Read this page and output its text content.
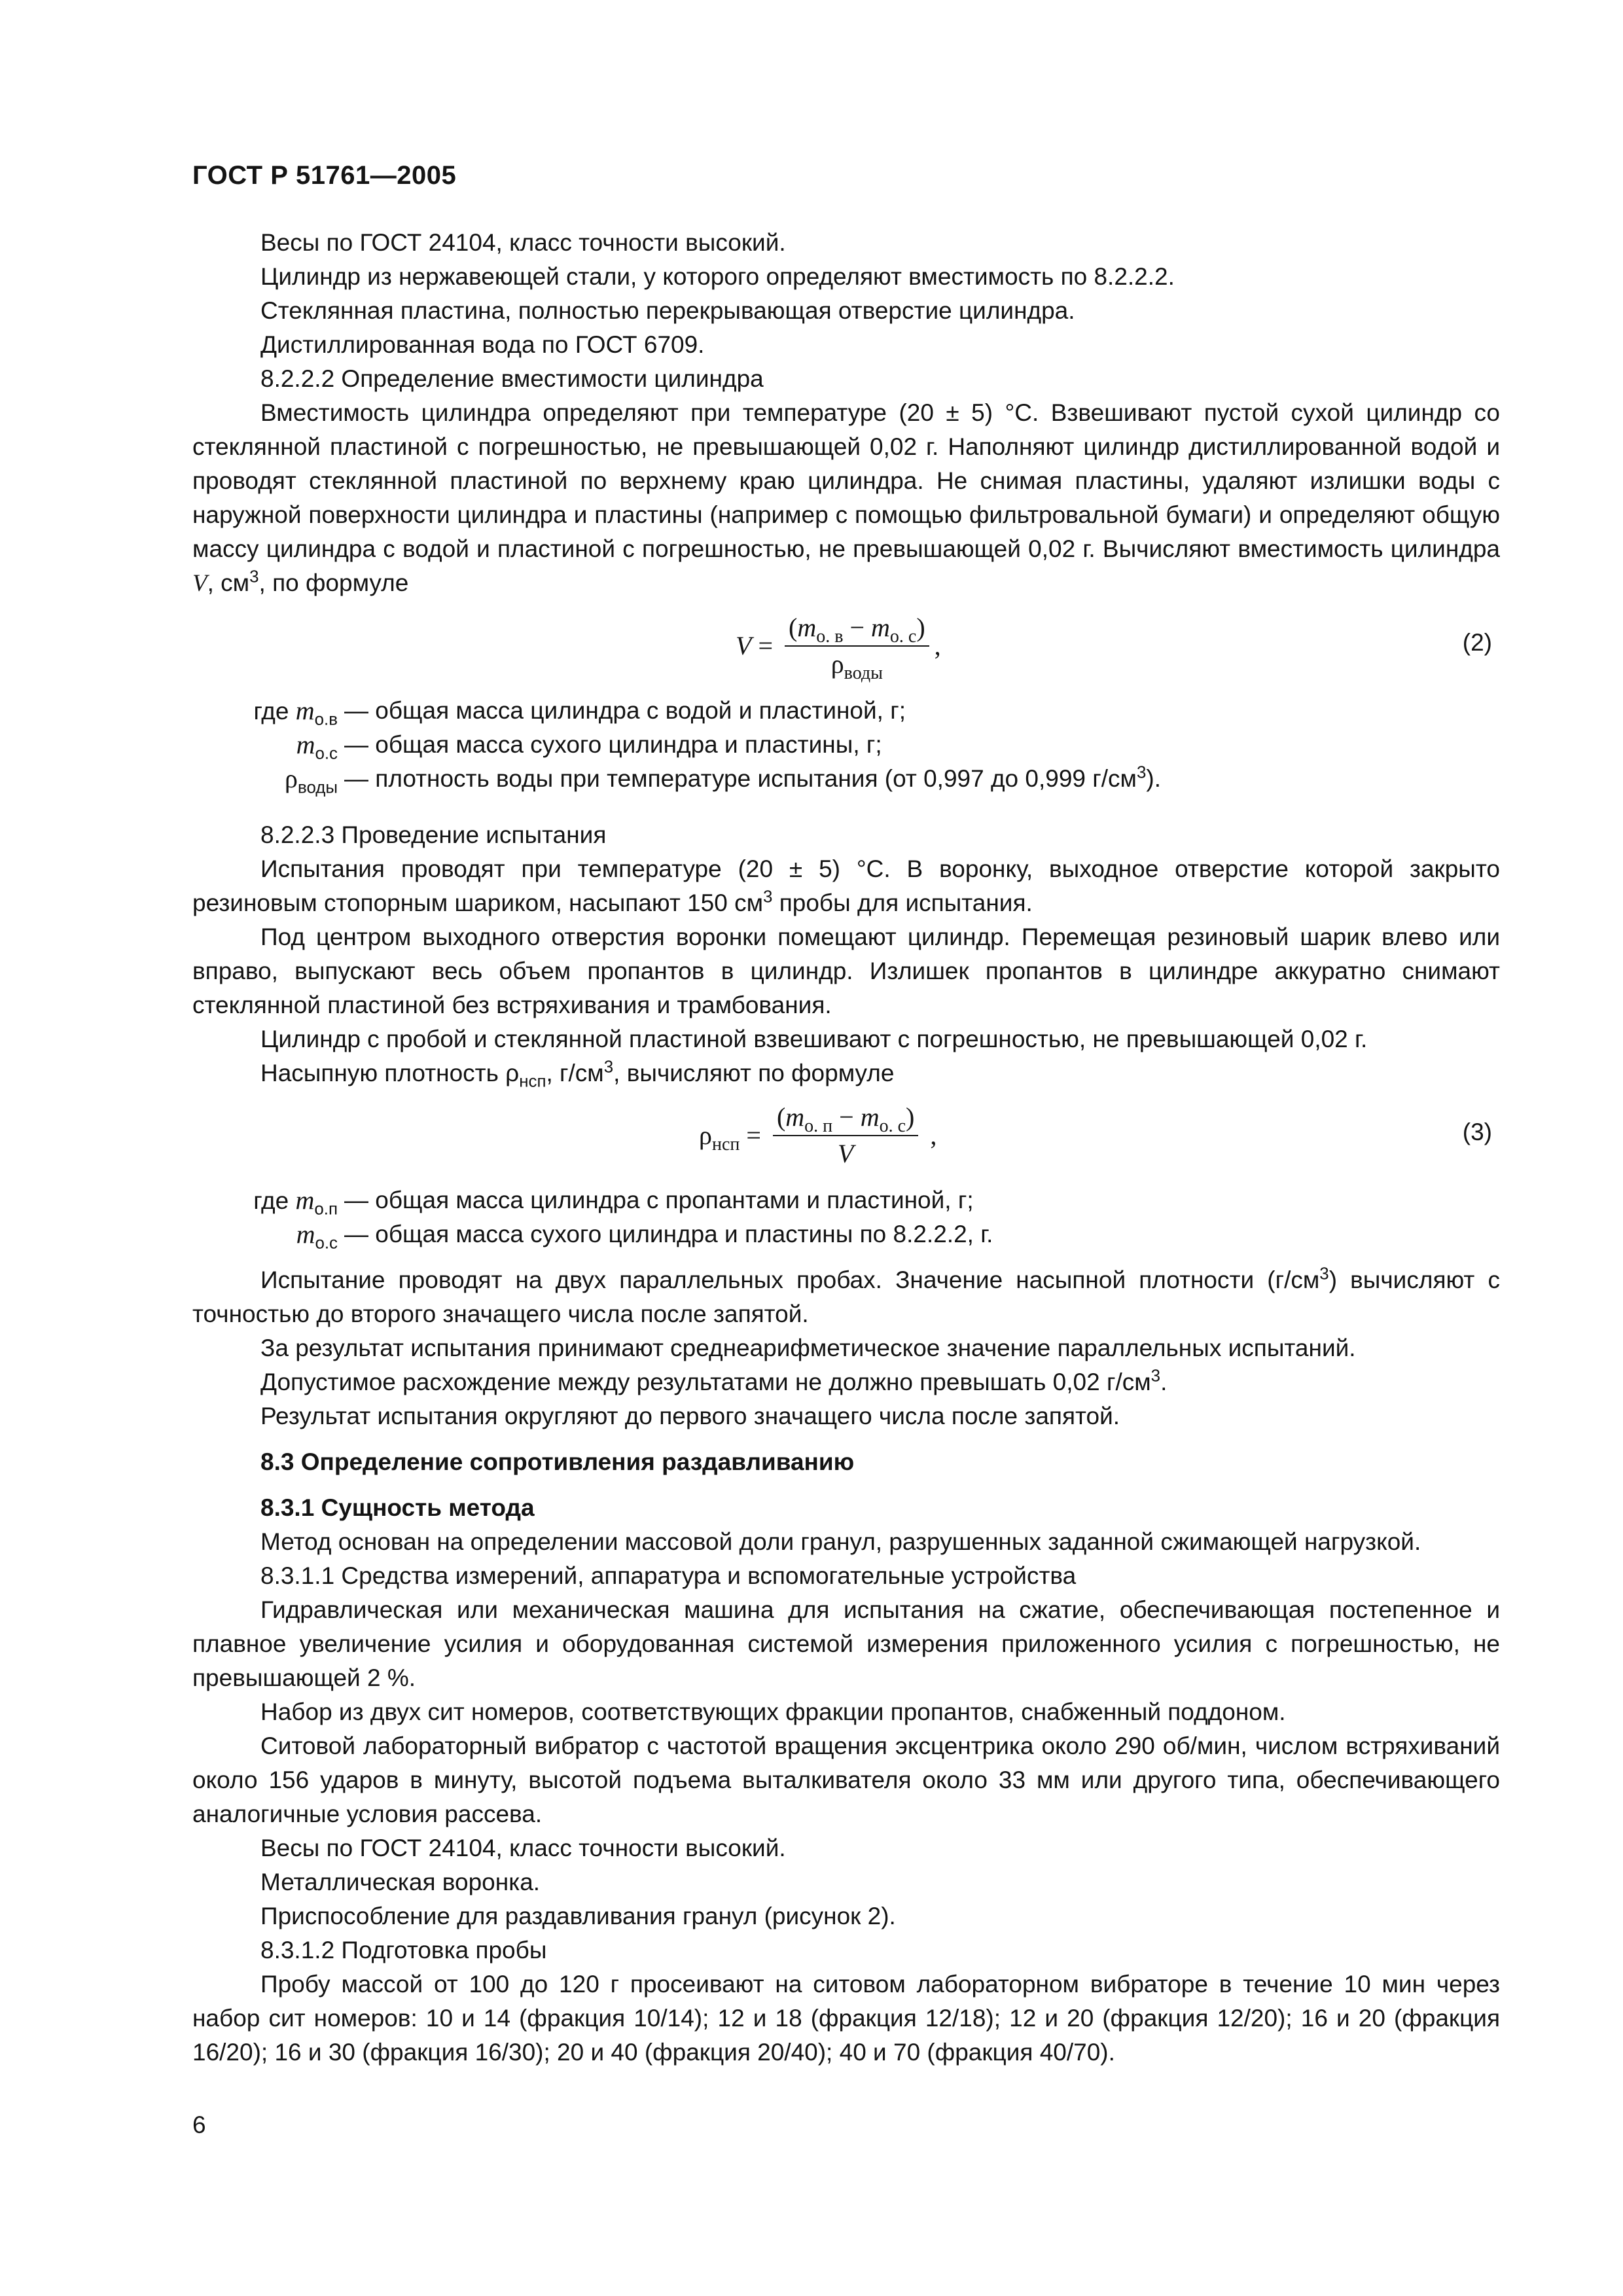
ГОСТ Р 51761—2005

Весы по ГОСТ 24104, класс точности высокий.

Цилиндр из нержавеющей стали, у которого определяют вместимость по 8.2.2.2.

Стеклянная пластина, полностью перекрывающая отверстие цилиндра.

Дистиллированная вода по ГОСТ 6709.

8.2.2.2 Определение вместимости цилиндра

Вместимость цилиндра определяют при температуре (20 ± 5) °С. Взвешивают пустой сухой цилиндр со стеклянной пластиной с погрешностью, не превышающей 0,02 г. Наполняют цилиндр дистиллированной водой и проводят стеклянной пластиной по верхнему краю цилиндра. Не снимая пластины, удаляют излишки воды с наружной поверхности цилиндра и пластины (например с помощью фильтровальной бумаги) и определяют общую массу цилиндра с водой и пластиной с погрешностью, не превышающей 0,02 г. Вычисляют вместимость цилиндра V, $см^3$, по формуле

$V = \frac{(m_{о. в} - m_{о. с})}{\rho_{воды}}$ ,	(2)
где $m_{о.в}$ — общая масса цилиндра с водой и пластиной, г;
$m_{о.с}$ — общая масса сухого цилиндра и пластины, г;
$\rho_{воды}$ — плотность воды при температуре испытания (от 0,997 до 0,999 $г/см^3$).

8.2.2.3 Проведение испытания

Испытания проводят при температуре (20 ± 5) °С. В воронку, выходное отверстие которой закрыто резиновым стопорным шариком, насыпают 150 $см^3$ пробы для испытания.

Под центром выходного отверстия воронки помещают цилиндр. Перемещая резиновый шарик влево или вправо, выпускают весь объем пропантов в цилиндр. Излишек пропантов в цилиндре аккуратно снимают стеклянной пластиной без встряхивания и трамбования.

Цилиндр с пробой и стеклянной пластиной взвешивают с погрешностью, не превышающей 0,02 г.

Насыпную плотность $\rho_{нсп}$, $г/см^3$, вычисляют по формуле

$\rho_{нсп} = \frac{(m_{о. п} - m_{о. с})}{V}$ ,	(3)
где $m_{о.п}$ — общая масса цилиндра с пропантами и пластиной, г;
$m_{о.с}$ — общая масса сухого цилиндра и пластины по 8.2.2.2, г.

Испытание проводят на двух параллельных пробах. Значение насыпной плотности $(г/см^3)$ вычисляют с точностью до второго значащего числа после запятой.

За результат испытания принимают среднеарифметическое значение параллельных испытаний.

Допустимое расхождение между результатами не должно превышать 0,02 $г/см^3$.

Результат испытания округляют до первого значащего числа после запятой.

8.3 Определение сопротивления раздавливанию

8.3.1 Сущность метода

Метод основан на определении массовой доли гранул, разрушенных заданной сжимающей нагрузкой.

8.3.1.1 Средства измерений, аппаратура и вспомогательные устройства

Гидравлическая или механическая машина для испытания на сжатие, обеспечивающая постепенное и плавное увеличение усилия и оборудованная системой измерения приложенного усилия с погрешностью, не превышающей 2 %.

Набор из двух сит номеров, соответствующих фракции пропантов, снабженный поддоном.

Ситовой лабораторный вибратор с частотой вращения эксцентрика около 290 об/мин, числом встряхиваний около 156 ударов в минуту, высотой подъема выталкивателя около 33 мм или другого типа, обеспечивающего аналогичные условия рассева.

Весы по ГОСТ 24104, класс точности высокий.

Металлическая воронка.

Приспособление для раздавливания гранул (рисунок 2).

8.3.1.2 Подготовка пробы

Пробу массой от 100 до 120 г просеивают на ситовом лабораторном вибраторе в течение 10 мин через набор сит номеров: 10 и 14 (фракция 10/14); 12 и 18 (фракция 12/18); 12 и 20 (фракция 12/20); 16 и 20 (фракция 16/20); 16 и 30 (фракция 16/30); 20 и 40 (фракция 20/40); 40 и 70 (фракция 40/70).

6
